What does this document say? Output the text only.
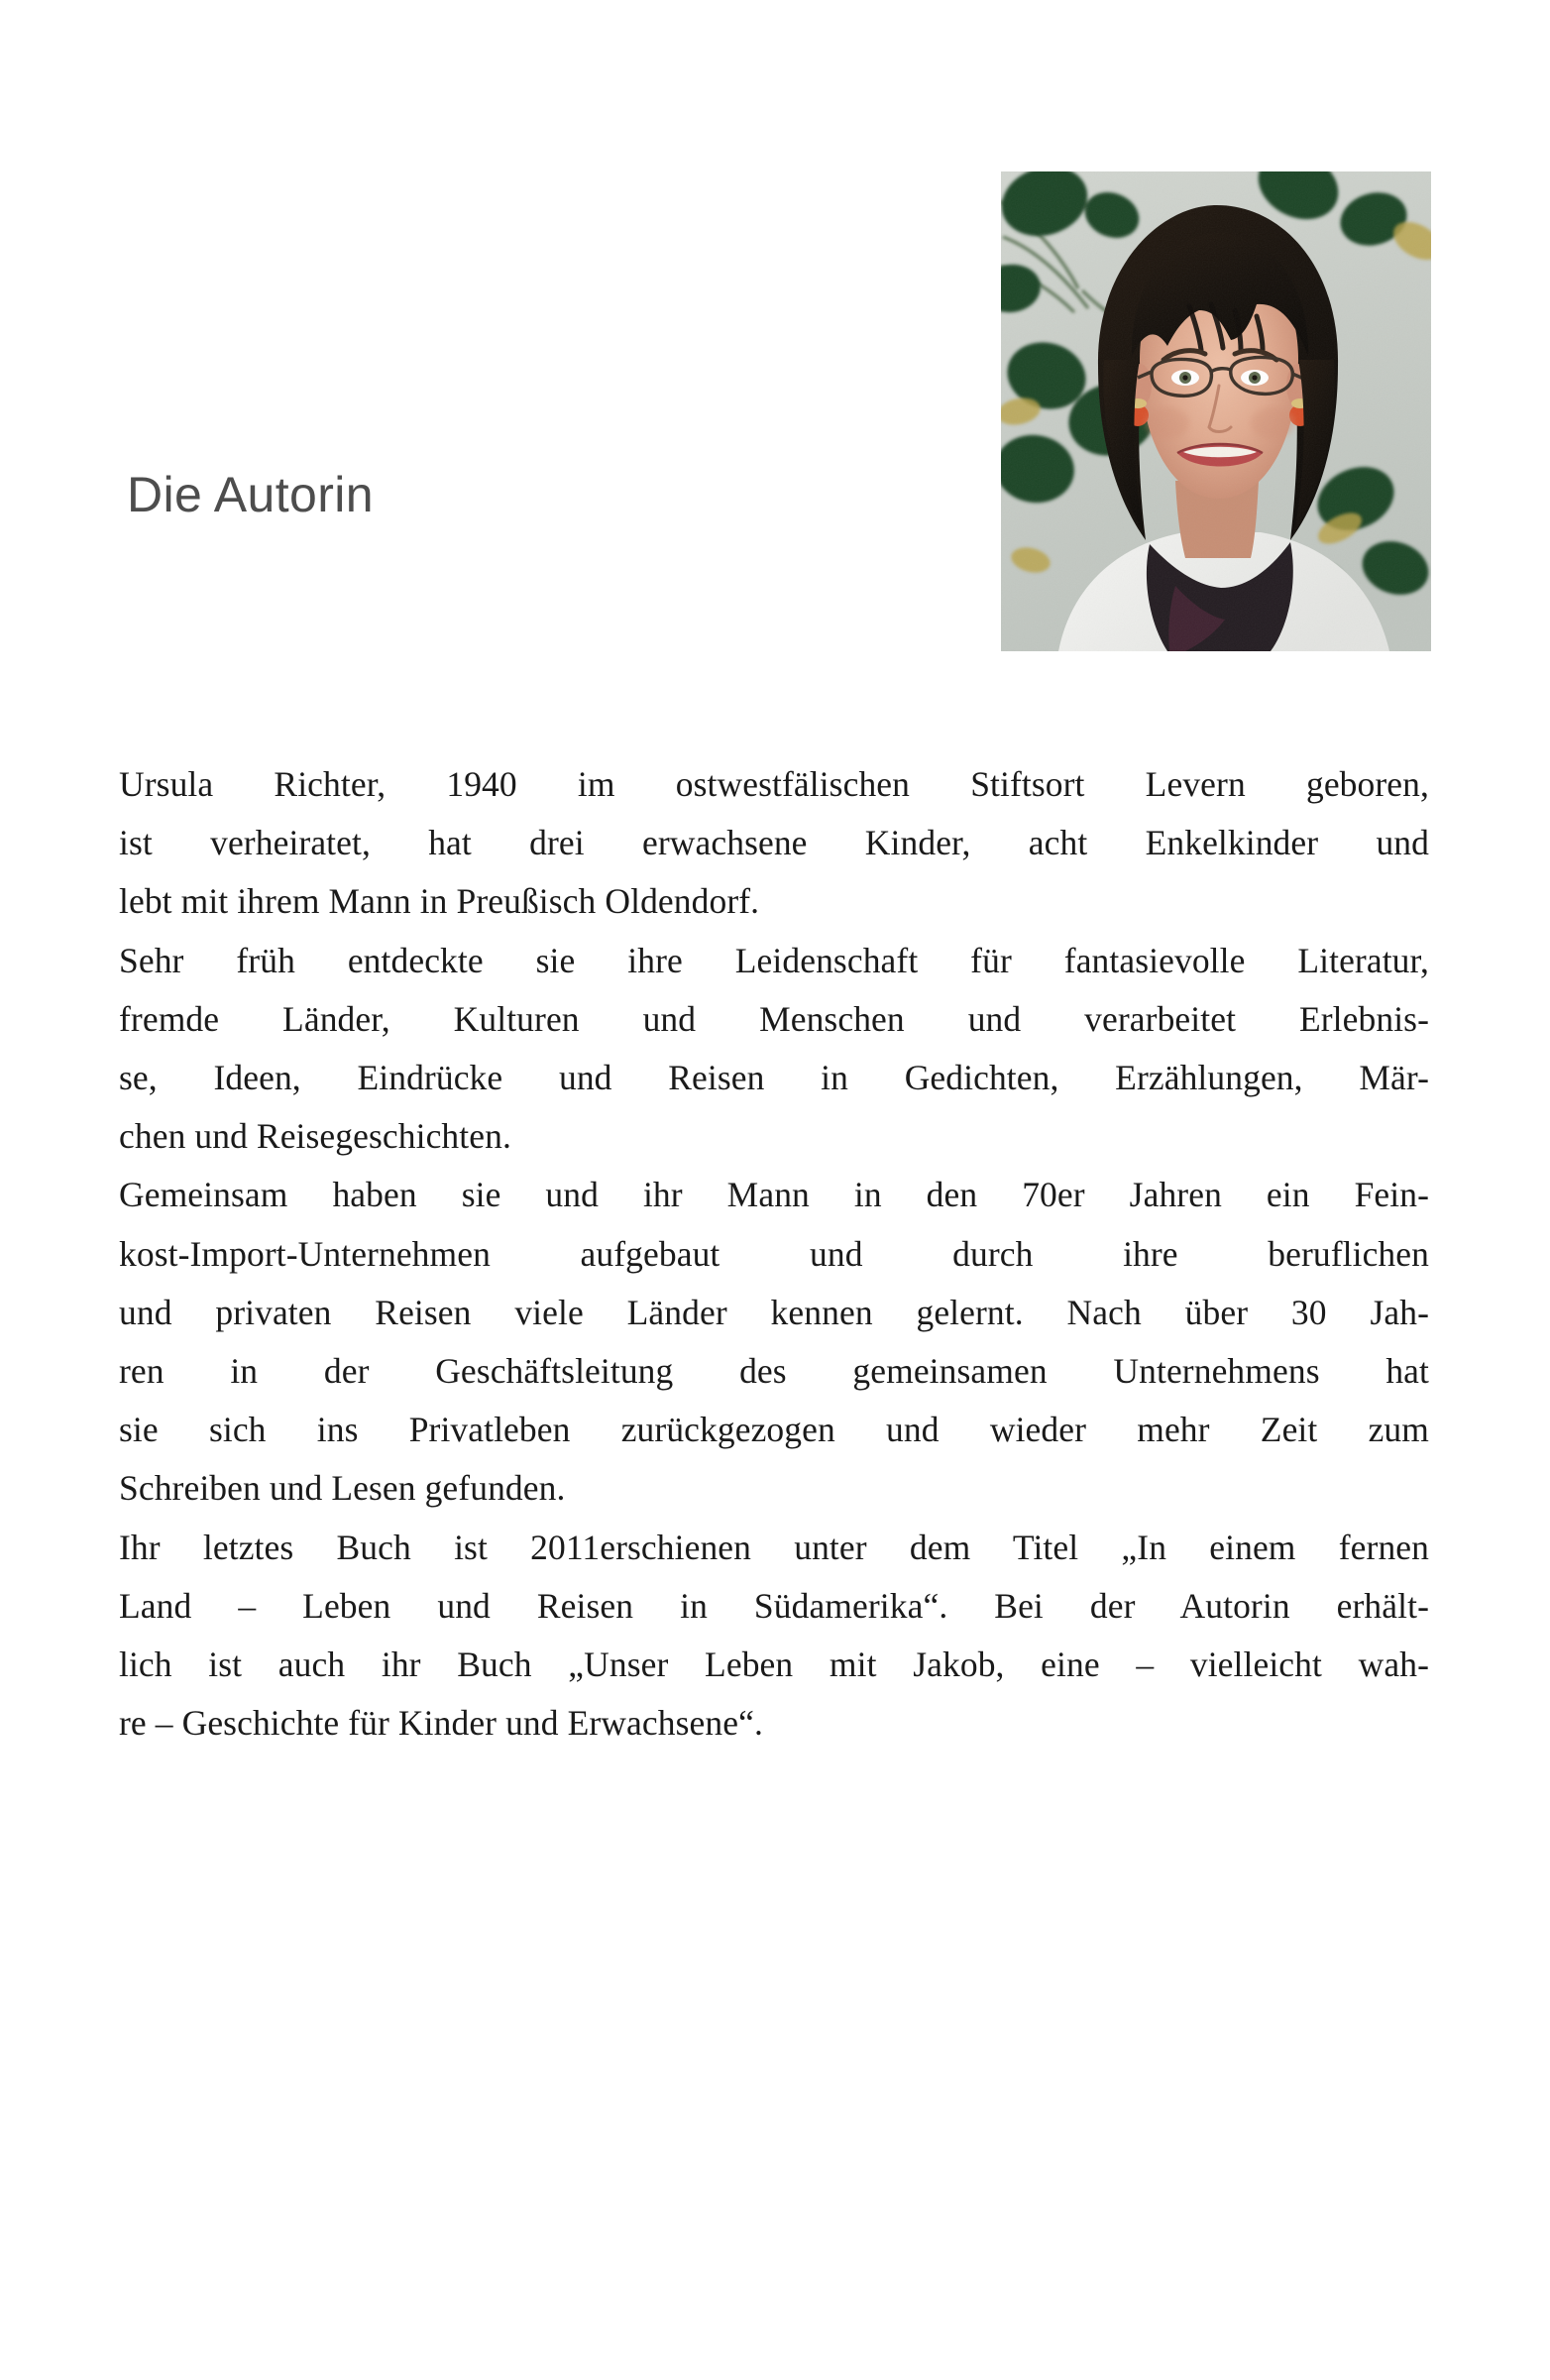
Die Autorin
Ursula Richter, 1940 im ostwestfälischen Stiftsort Levern geboren,
ist verheiratet, hat drei erwachsene Kinder, acht Enkelkinder und
lebt mit ihrem Mann in Preußisch Oldendorf.
Sehr früh entdeckte sie ihre Leidenschaft für fantasievolle Literatur,
fremde Länder, Kulturen und Menschen und verarbeitet Erlebnis-
se, Ideen, Eindrücke und Reisen in Gedichten, Erzählungen, Mär-
chen und Reisegeschichten.
Gemeinsam haben sie und ihr Mann in den 70er Jahren ein Fein-
kost-Import-Unternehmen aufgebaut und durch ihre beruflichen
und privaten Reisen viele Länder kennen gelernt. Nach über 30 Jah-
ren in der Geschäftsleitung des gemeinsamen Unternehmens hat
sie sich ins Privatleben zurückgezogen und wieder mehr Zeit zum
Schreiben und Lesen gefunden.
Ihr letztes Buch ist 2011erschienen unter dem Titel „In einem fernen
Land – Leben und Reisen in Südamerika“. Bei der Autorin erhält-
lich ist auch ihr Buch „Unser Leben mit Jakob, eine – vielleicht wah-
re – Geschichte für Kinder und Erwachsene“.
